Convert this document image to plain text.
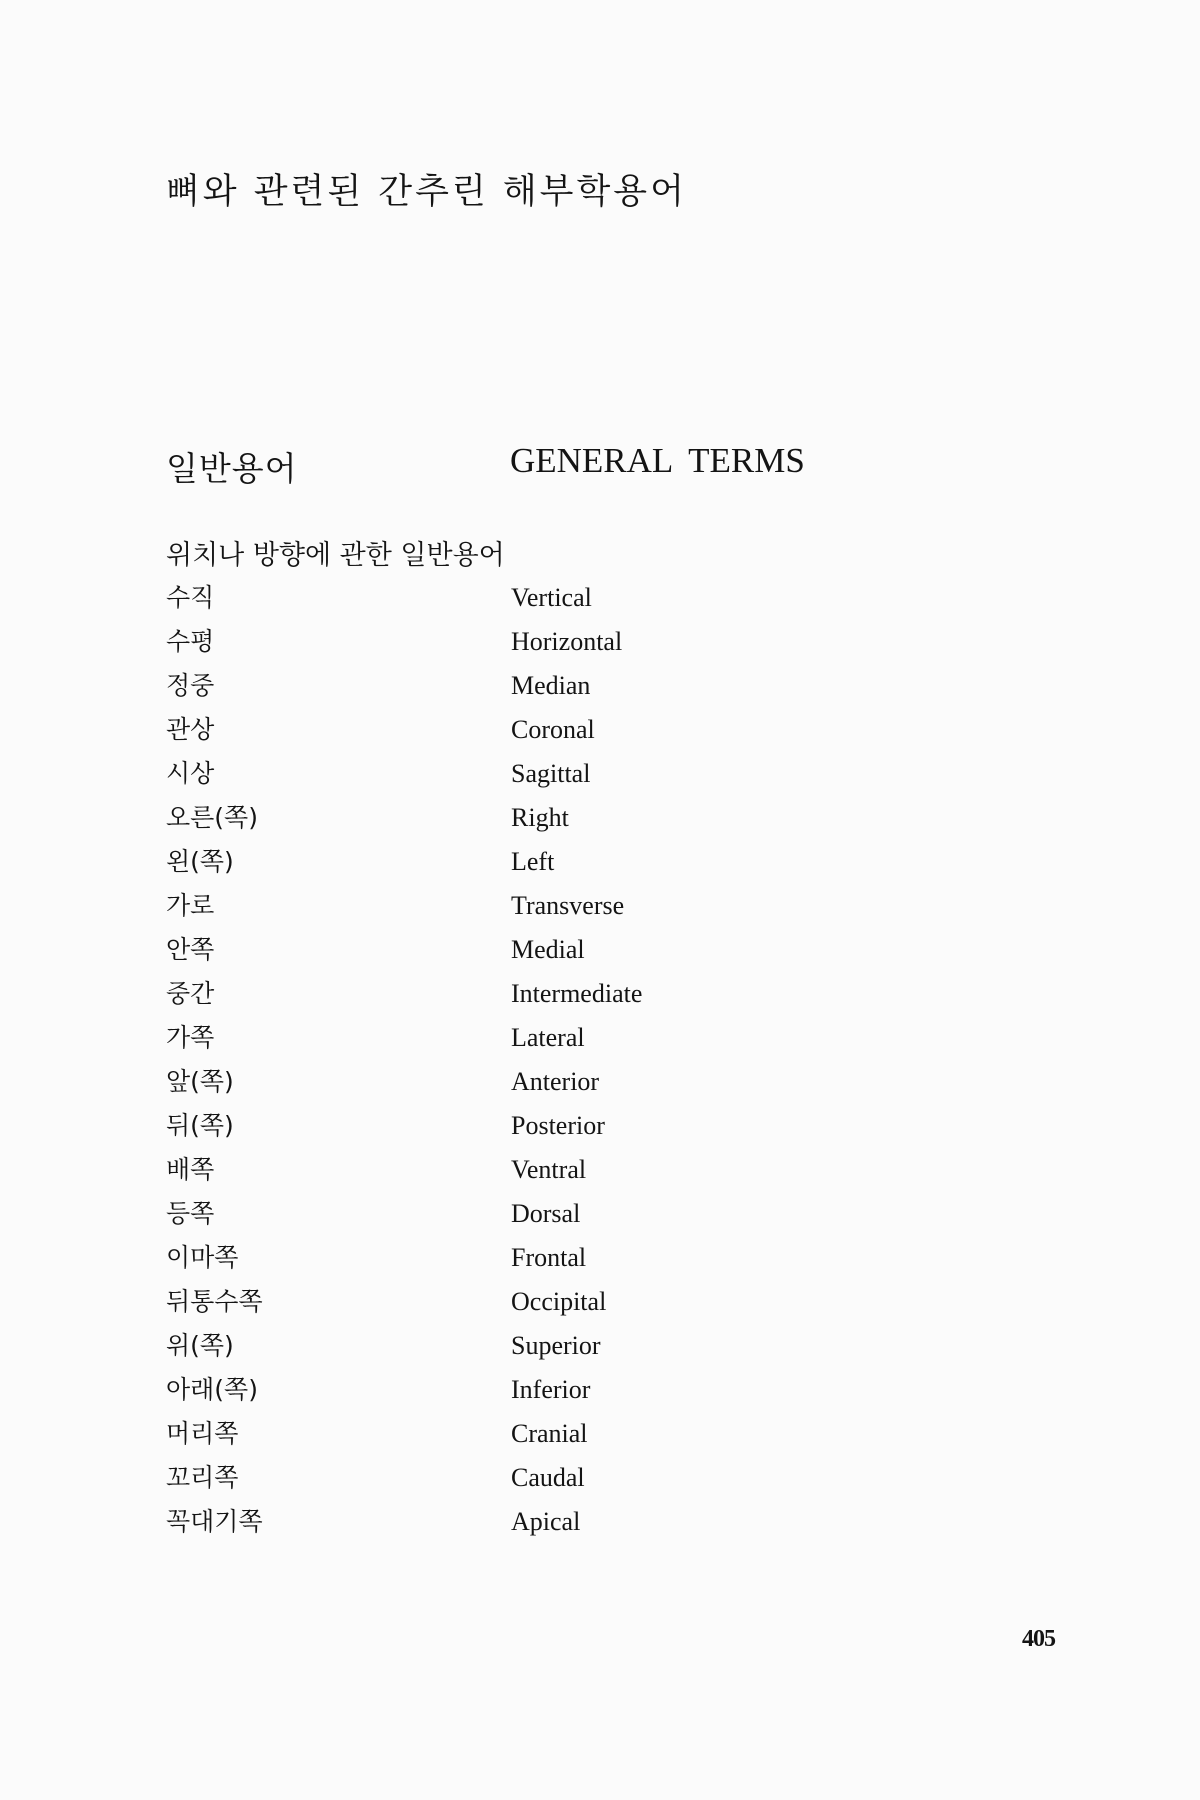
뼈와 관련된 간추린 해부학용어
일반용어	GENERAL TERMS
위치나 방향에 관한 일반용어
수직	Vertical
수평	Horizontal
정중	Median
관상	Coronal
시상	Sagittal
오른(쪽)	Right
왼(쪽)	Left
가로	Transverse
안쪽	Medial
중간	Intermediate
가쪽	Lateral
앞(쪽)	Anterior
뒤(쪽)	Posterior
배쪽	Ventral
등쪽	Dorsal
이마쪽	Frontal
뒤통수쪽	Occipital
위(쪽)	Superior
아래(쪽)	Inferior
머리쪽	Cranial
꼬리쪽	Caudal
꼭대기쪽	Apical
405
